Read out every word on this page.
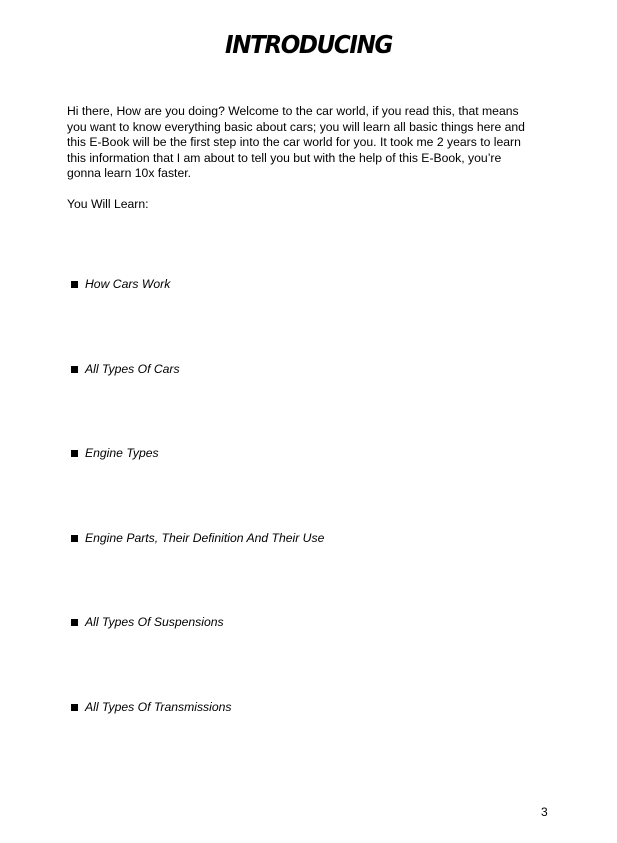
INTRODUCING

Hi there, How are you doing? Welcome to the car world, if you read this, that means you want to know everything basic about cars; you will learn all basic things here and this E-Book will be the first step into the car world for you. It took me 2 years to learn this information that I am about to tell you but with the help of this E-Book, you’re gonna learn 10x faster.

You Will Learn:

How Cars Work
All Types Of Cars
Engine Types
Engine Parts, Their Definition And Their Use
All Types Of Suspensions
All Types Of Transmissions

3
